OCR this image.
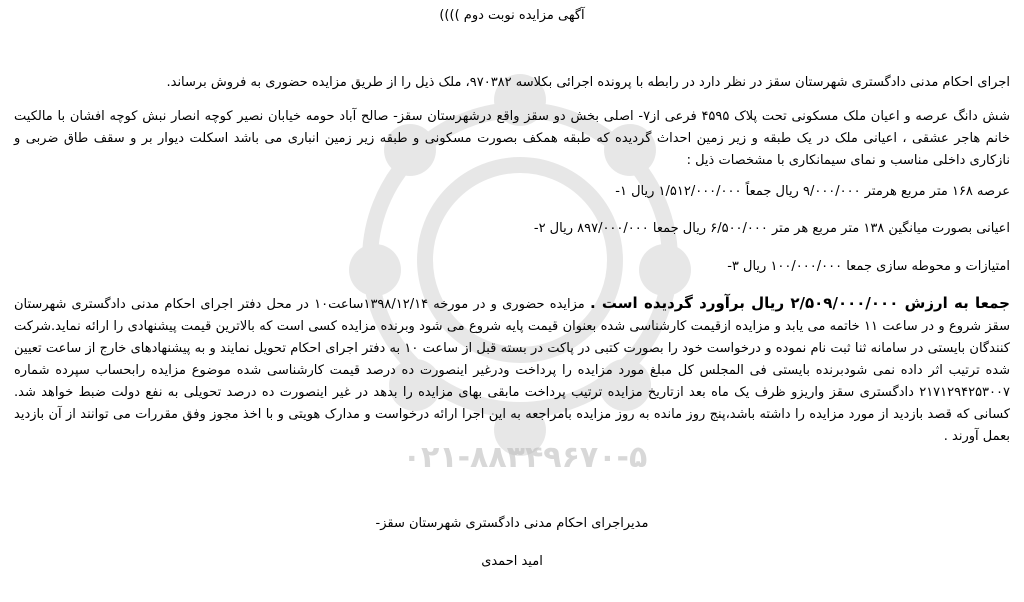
۰۲۱-۸۸۳۴۹۶۷۰-۵
آگهی مزایده نوبت دوم ))))
اجرای احکام مدنی دادگستری شهرستان سقز در نظر دارد در رابطه با پرونده اجرائی بکلاسه ۹۷۰۳۸۲، ملک ذیل را از طریق مزایده حضوری به فروش برساند.
شش دانگ عرصه و اعیان ملک مسکونی تحت پلاک ۴۵۹۵ فرعی از۷- اصلی بخش دو سقز واقع درشهرستان سقز- صالح آباد حومه خیابان نصیر کوچه انصار نبش کوچه افشان با مالکیت خانم هاجر عشقی ، اعیانی ملک در یک طبقه و زیر زمین احداث گردیده که طبقه همکف بصورت مسکونی و طبقه زیر زمین انباری می باشد اسکلت دیوار بر و سقف طاق ضربی و نازکاری داخلی مناسب و نمای سیمانکاری با مشخصات ذیل :
عرصه ۱۶۸ متر مربع هرمتر ۹/۰۰۰/۰۰۰ ریال جمعاً ۱/۵۱۲/۰۰۰/۰۰۰ ریال ۱-
اعیانی بصورت میانگین ۱۳۸ متر مربع هر متر ۶/۵۰۰/۰۰۰ ریال جمعا ۸۹۷/۰۰۰/۰۰۰ ریال ۲-
امتیازات و محوطه سازی جمعا ۱۰۰/۰۰۰/۰۰۰ ریال ۳-
جمعا به ارزش ۲/۵۰۹/۰۰۰/۰۰۰ ریال برآورد گردیده است . مزایده حضوری و در مورخه ۱۳۹۸/۱۲/۱۴ساعت۱۰ در محل دفتر اجرای احکام مدنی دادگستری شهرستان سقز شروع و در ساعت ۱۱ خاتمه می یابد و مزایده ازقیمت کارشناسی شده بعنوان قیمت پایه شروع می شود وبرنده مزایده کسی است که بالاترین قیمت پیشنهادی را ارائه نماید.شرکت کنندگان بایستی در سامانه ثنا ثبت نام نموده و درخواست خود را بصورت کتبی در پاکت در بسته قبل از ساعت ۱۰ به دفتر اجرای احکام تحویل نمایند و به پیشنهادهای خارج از ساعت تعیین شده ترتیب اثر داده نمی شودبرنده بایستی فی المجلس کل مبلغ مورد مزایده را پرداخت ودرغیر اینصورت ده درصد قیمت کارشناسی شده موضوع مزایده رابحساب سپرده شماره ۲۱۷۱۲۹۴۲۵۳۰۰۷ دادگستری سقز واریزو ظرف یک ماه بعد ازتاریخ مزایده ترتیب پرداخت مابقی بهای مزایده را بدهد در غیر اینصورت ده درصد تحویلی به نفع دولت ضبط خواهد شد. کسانی که قصد بازدید از مورد مزایده را داشته باشد،پنج روز مانده به روز مزایده بامراجعه به این اجرا ارائه درخواست و مدارک هویتی و با اخذ مجوز وفق مقررات می توانند از آن بازدید بعمل آورند .
مدیراجرای احکام مدنی دادگستری شهرستان سقز-
امید احمدی
